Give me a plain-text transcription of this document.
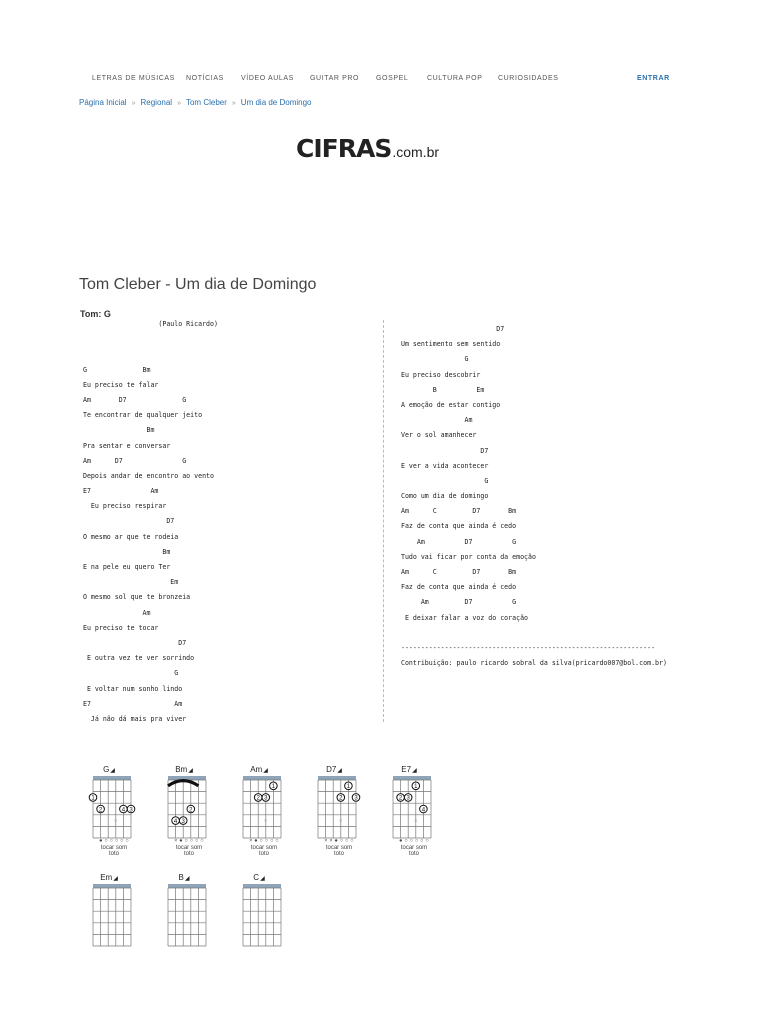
LETRAS DE MÚSICAS NOTÍCIAS VÍDEO AULAS GUITAR PRO GOSPEL	CULTURA POP CURIOSIDADES	ENTRAR
Página Inicial » Regional » Tom Cleber » Um dia de Domingo
CIFRAS.com.br
Tom Cleber - Um dia de Domingo
Tom: G
(Paulo Ricardo)

G              Bm
Eu preciso te falar
Am       D7              G
Te encontrar de qualquer jeito
Bm
Pra sentar e conversar
Am      D7               G
Depois andar de encontro ao vento
E7               Am
Eu preciso respirar
D7
O mesmo ar que te rodeia
Bm
E na pele eu quero Ter
Em
O mesmo sol que te bronzeia
Am
Eu preciso te tocar
D7
E outra vez te ver sorrindo
G
E voltar num sonho lindo
E7                     Am
Já não dá mais pra viver
D7
Um sentimento sem sentido
G
Eu preciso descobrir
B          Em
A emoção de estar contigo
Am
Ver o sol amanhecer
D7
E ver a vida acontecer
G
Como um dia de domingo
Am      C         D7       Bm
Faz de conta que ainda é cedo
Am          D7          G
Tudo vai ficar por conta da emoção
Am      C         D7       Bm
Faz de conta que ainda é cedo
Am         D7          G
E deixar falar a voz do coração

----------------------------------------------------------------
Contribuição: paulo ricardo sobral da silva(pricardo007@bol.com.br)
G◢
1
2	3
4
o
● ○ ○ ○ ○ ○
tocar som
toto
Bm◢
2
3
4
× ● ○ ○ ○ ○
tocar som
toto
Am◢
1
2 3
o
× ● ○ ○ ○ ○
tocar som
toto
D7◢
1
2 3
o
× × ● ○ ○ ○
tocar som
toto
E7◢
1
2 3
4
o
● ○ ○ ○ ○ ○
tocar som
toto
Em◢	B◢	C◢
